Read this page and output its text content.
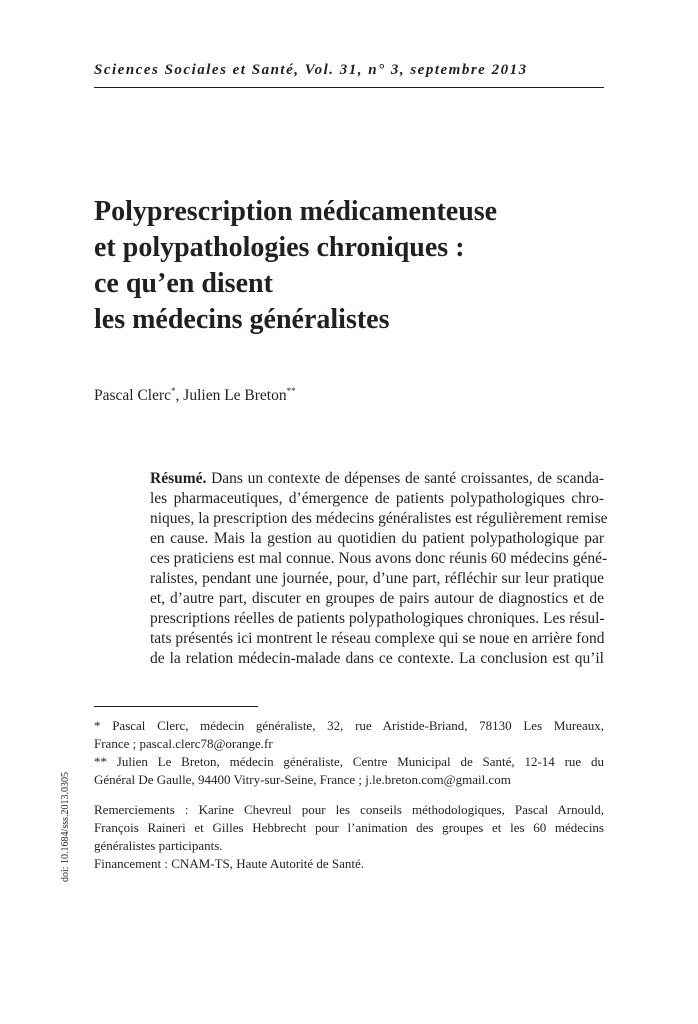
Sciences Sociales et Santé, Vol. 31, n° 3, septembre 2013
Polyprescription médicamenteuse
et polypathologies chroniques :
ce qu’en disent
les médecins généralistes
Pascal Clerc*, Julien Le Breton**
Résumé. Dans un contexte de dépenses de santé croissantes, de scanda-
les pharmaceutiques, d’émergence de patients polypathologiques chro-
niques, la prescription des médecins généralistes est régulièrement remise
en cause. Mais la gestion au quotidien du patient polypathologique par
ces praticiens est mal connue. Nous avons donc réunis 60 médecins géné-
ralistes, pendant une journée, pour, d’une part, réfléchir sur leur pratique
et, d’autre part, discuter en groupes de pairs autour de diagnostics et de
prescriptions réelles de patients polypathologiques chroniques. Les résul-
tats présentés ici montrent le réseau complexe qui se noue en arrière fond
de la relation médecin-malade dans ce contexte. La conclusion est qu’il
* Pascal Clerc, médecin généraliste, 32, rue Aristide-Briand, 78130 Les Mureaux,
France ; pascal.clerc78@orange.fr
** Julien Le Breton, médecin généraliste, Centre Municipal de Santé, 12-14 rue du
Général De Gaulle, 94400 Vitry-sur-Seine, France ; j.le.breton.com@gmail.com
Remerciements : Karine Chevreul pour les conseils méthodologiques, Pascal Arnould,
François Raineri et Gilles Hebbrecht pour l’animation des groupes et les 60 médecins
généralistes participants.
Financement : CNAM-TS, Haute Autorité de Santé.
doi: 10.1684/sss.2013.0305
